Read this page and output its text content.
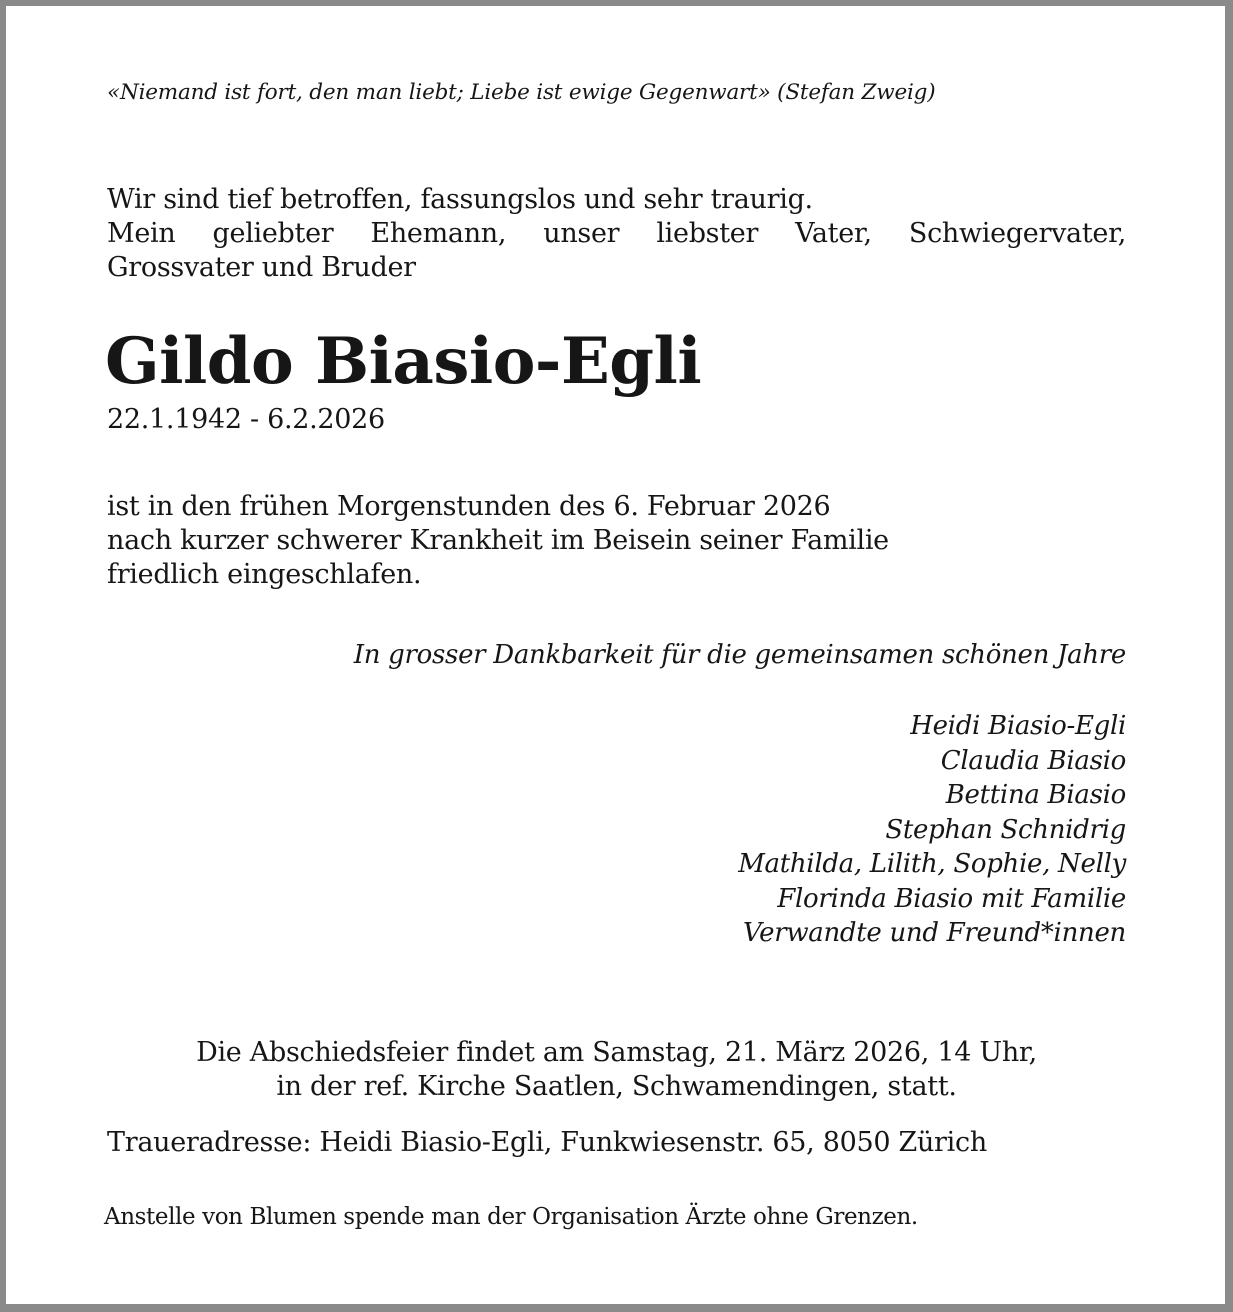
«Niemand ist fort, den man liebt; Liebe ist ewige Gegenwart» (Stefan Zweig)
Wir sind tief betroffen, fassungslos und sehr traurig.
Mein geliebter Ehemann, unser liebster Vater, Schwiegervater,
Grossvater und Bruder
Gildo Biasio-Egli
22.1.1942 - 6.2.2026
ist in den frühen Morgenstunden des 6. Februar 2026
nach kurzer schwerer Krankheit im Beisein seiner Familie
friedlich eingeschlafen.
In grosser Dankbarkeit für die gemeinsamen schönen Jahre
Heidi Biasio-Egli
Claudia Biasio
Bettina Biasio
Stephan Schnidrig
Mathilda, Lilith, Sophie, Nelly
Florinda Biasio mit Familie
Verwandte und Freund*innen
Die Abschiedsfeier findet am Samstag, 21. März 2026, 14 Uhr,
in der ref. Kirche Saatlen, Schwamendingen, statt.
Traueradresse: Heidi Biasio-Egli, Funkwiesenstr. 65, 8050 Zürich
Anstelle von Blumen spende man der Organisation Ärzte ohne Grenzen.
